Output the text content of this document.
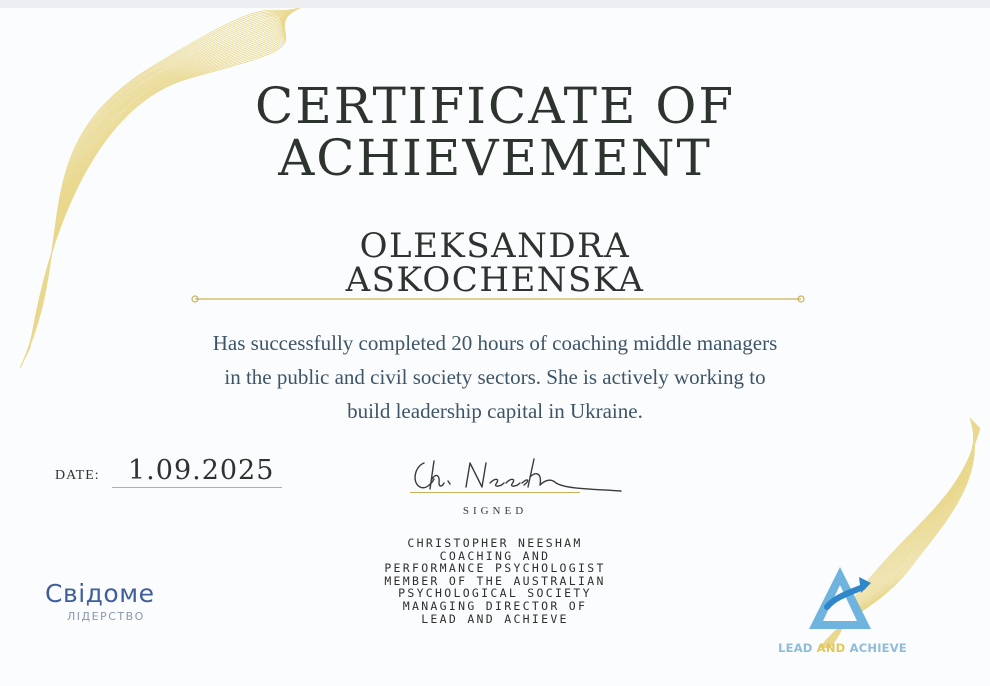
CERTIFICATE OF
ACHIEVEMENT
OLEKSANDRA
ASKOCHENSKA
Has successfully completed 20 hours of coaching middle managers
in the public and civil society sectors. She is actively working to
build leadership capital in Ukraine.
DATE: 1.09.2025
SIGNED
CHRISTOPHER NEESHAM
COACHING AND
PERFORMANCE PSYCHOLOGIST
MEMBER OF THE AUSTRALIAN
PSYCHOLOGICAL SOCIETY
MANAGING DIRECTOR OF
LEAD AND ACHIEVE
Свідоме
ЛІДЕРСТВО
LEAD AND ACHIEVE
